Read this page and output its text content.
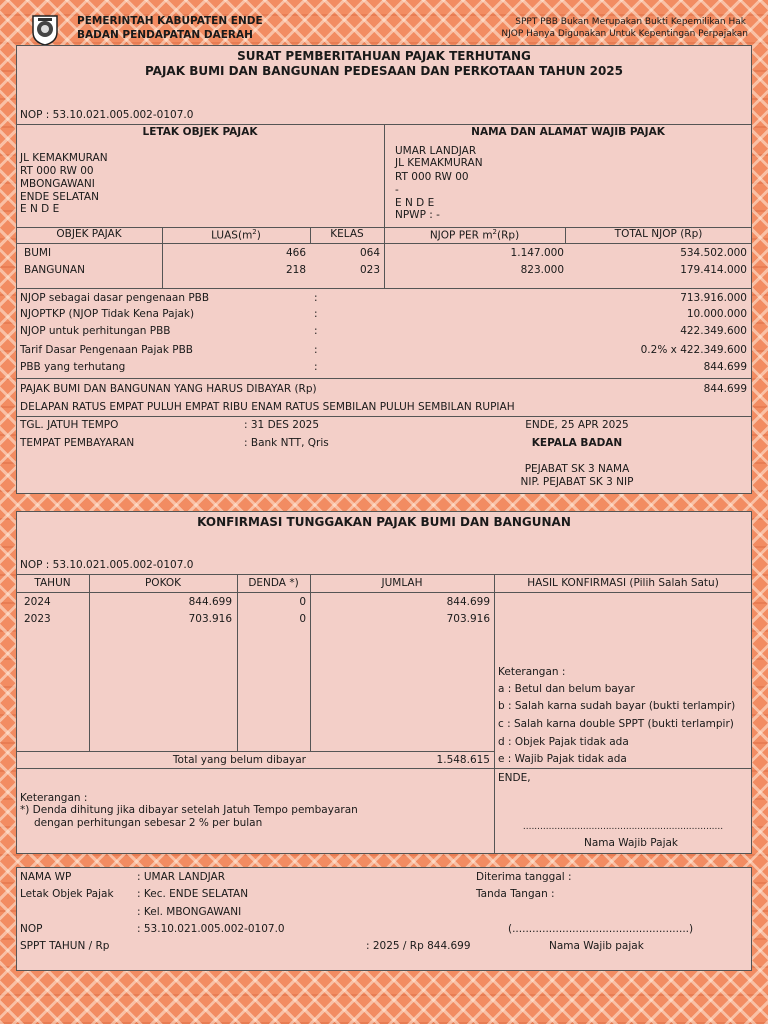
PEMERINTAH KABUPATEN ENDE
BADAN PENDAPATAN DAERAH
SPPT PBB Bukan Merupakan Bukti Kepemilikan Hak
NJOP Hanya Digunakan Untuk Kepentingan Perpajakan
SURAT PEMBERITAHUAN PAJAK TERHUTANG
PAJAK BUMI DAN BANGUNAN PEDESAAN DAN PERKOTAAN TAHUN 2025
NOP : 53.10.021.005.002-0107.0
LETAK OBJEK PAJAK	NAMA DAN ALAMAT WAJIB PAJAK
JL KEMAKMURAN
RT 000 RW 00
MBONGAWANI
ENDE SELATAN
E N D E
UMAR LANDJAR
JL KEMAKMURAN
RT 000 RW 00
-
E N D E
NPWP : -
OBJEK PAJAK	$LUAS(m^2)$	KELAS	NJOP PER $m^2(Rp)$	TOTAL NJOP (Rp)
BUMI	466	064	1.147.000	534.502.000
BANGUNAN	218	023	823.000	179.414.000
NJOP sebagai dasar pengenaan PBB	:	713.916.000
NJOPTKP (NJOP Tidak Kena Pajak)	:	10.000.000
NJOP untuk perhitungan PBB	:	422.349.600
Tarif Dasar Pengenaan Pajak PBB	:	0.2% x 422.349.600
PBB yang terhutang	:	844.699
PAJAK BUMI DAN BANGUNAN YANG HARUS DIBAYAR (Rp)	844.699
DELAPAN RATUS EMPAT PULUH EMPAT RIBU ENAM RATUS SEMBILAN PULUH SEMBILAN RUPIAH
TGL. JATUH TEMPO	: 31 DES 2025
TEMPAT PEMBAYARAN	: Bank NTT, Qris
ENDE, 25 APR 2025
KEPALA BADAN
PEJABAT SK 3 NAMA
NIP. PEJABAT SK 3 NIP
KONFIRMASI TUNGGAKAN PAJAK BUMI DAN BANGUNAN
NOP : 53.10.021.005.002-0107.0
TAHUN	POKOK	DENDA *)	JUMLAH	HASIL KONFIRMASI (Pilih Salah Satu)
2024	844.699	0	844.699
2023	703.916	0	703.916
Keterangan :
a : Betul dan belum bayar
b : Salah karna sudah bayar (bukti terlampir)
c : Salah karna double SPPT (bukti terlampir)
d : Objek Pajak tidak ada
e : Wajib Pajak tidak ada
Total yang belum dibayar	1.548.615
Keterangan :
*) Denda dihitung jika dibayar setelah Jatuh Tempo pembayaran
dengan perhitungan sebesar 2 % per bulan
ENDE,
......................................................................
Nama Wajib Pajak
NAMA WP	: UMAR LANDJAR
Letak Objek Pajak : Kec. ENDE SELATAN
: Kel. MBONGAWANI
NOP	: 53.10.021.005.002-0107.0
SPPT TAHUN / Rp	: 2025 / Rp 844.699
Diterima tanggal :
Tanda Tangan :
(.....................................................)
Nama Wajib pajak
